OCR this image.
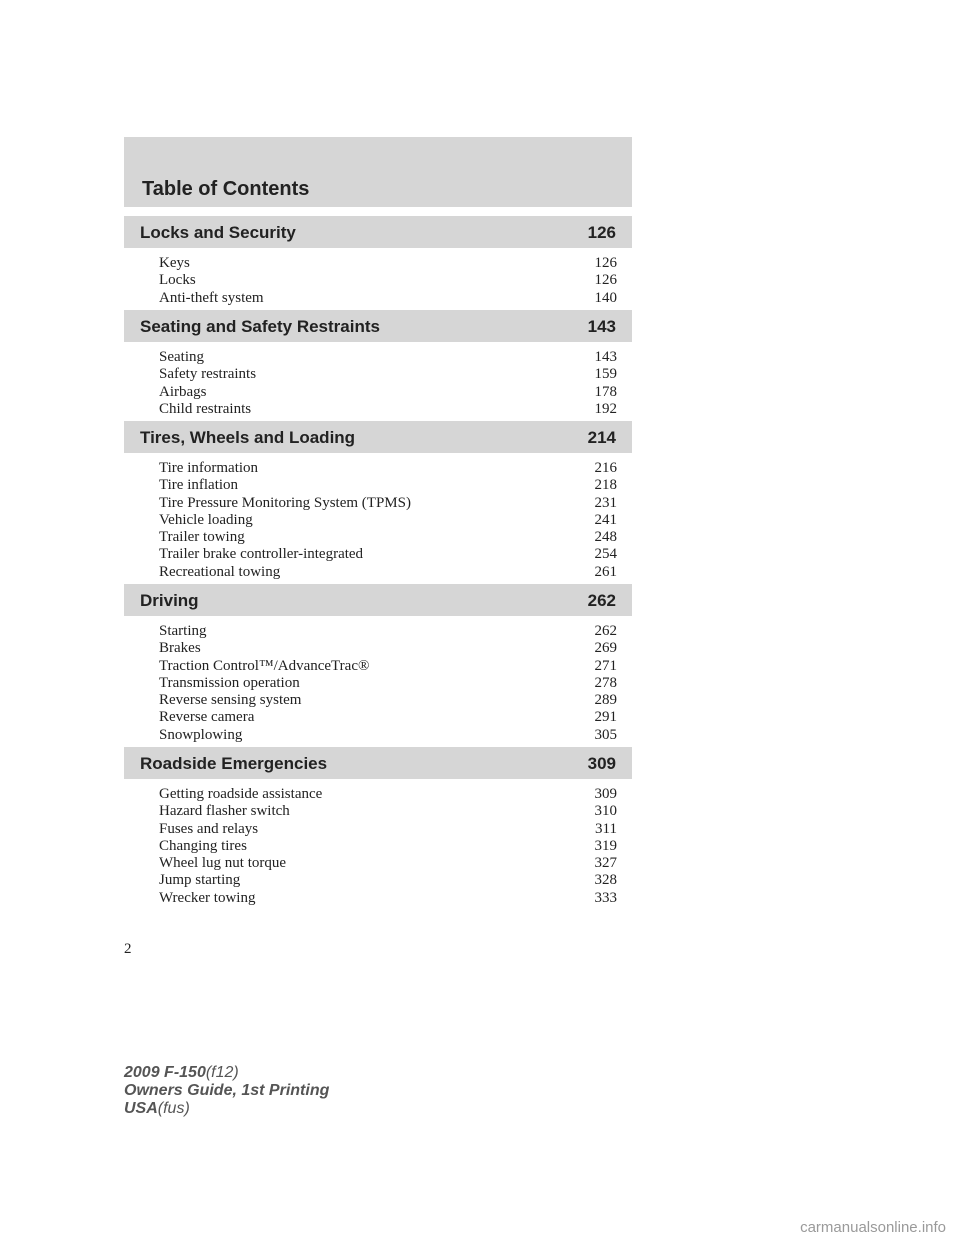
Table of Contents
Locks and Security	126
Keys	126
Locks	126
Anti-theft system	140
Seating and Safety Restraints	143
Seating	143
Safety restraints	159
Airbags	178
Child restraints	192
Tires, Wheels and Loading	214
Tire information	216
Tire inflation	218
Tire Pressure Monitoring System (TPMS)	231
Vehicle loading	241
Trailer towing	248
Trailer brake controller-integrated	254
Recreational towing	261
Driving	262
Starting	262
Brakes	269
Traction Control™/AdvanceTrac®	271
Transmission operation	278
Reverse sensing system	289
Reverse camera	291
Snowplowing	305
Roadside Emergencies	309
Getting roadside assistance	309
Hazard flasher switch	310
Fuses and relays	311
Changing tires	319
Wheel lug nut torque	327
Jump starting	328
Wrecker towing	333
2
2009 F-150(f12)
Owners Guide, 1st Printing
USA(fus)
carmanualsonline.info
